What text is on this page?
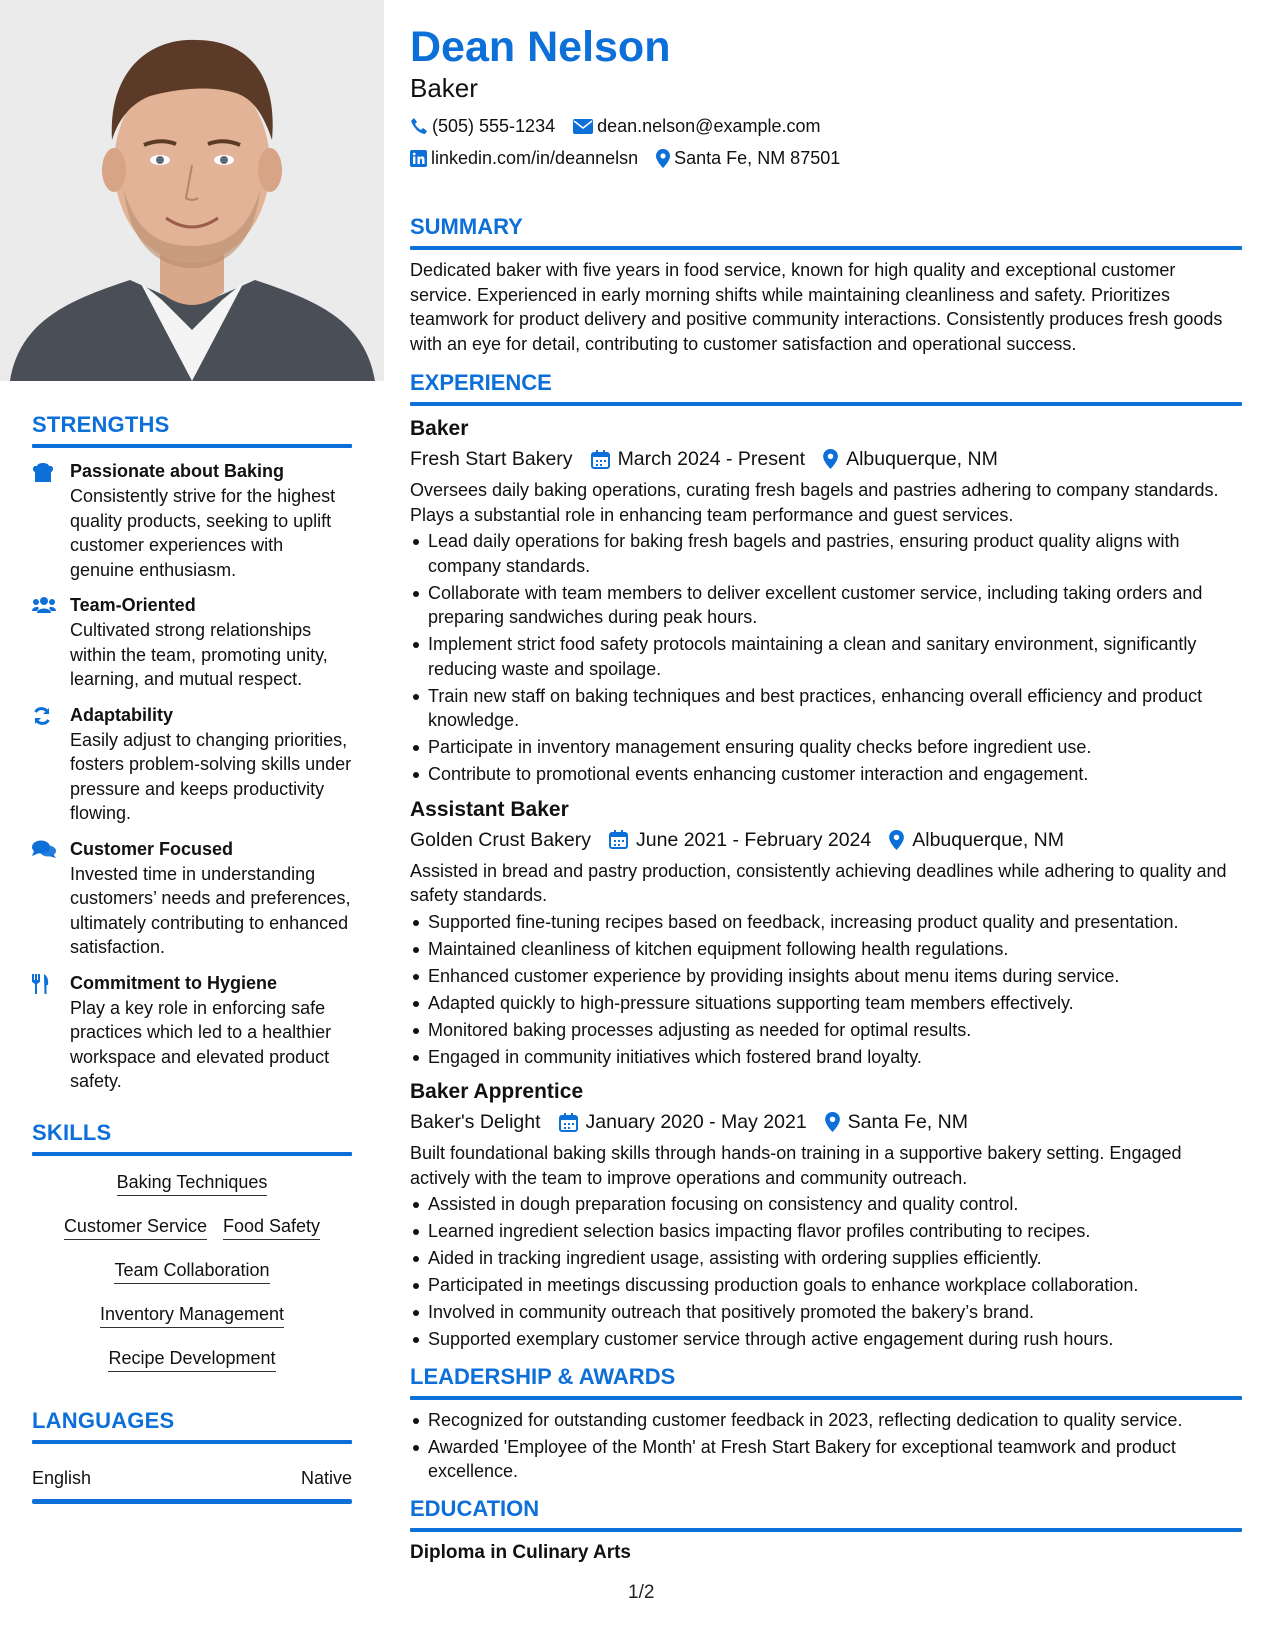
STRENGTHS
Passionate about Baking
Consistently strive for the highest quality products, seeking to uplift customer experiences with genuine enthusiasm.
Team-Oriented
Cultivated strong relationships within the team, promoting unity, learning, and mutual respect.
Adaptability
Easily adjust to changing priorities, fosters problem-solving skills under pressure and keeps productivity flowing.
Customer Focused
Invested time in understanding customers’ needs and preferences, ultimately contributing to enhanced satisfaction.
Commitment to Hygiene
Play a key role in enforcing safe practices which led to a healthier workspace and elevated product safety.
SKILLS
Baking Techniques
Customer Service Food Safety
Team Collaboration
Inventory Management
Recipe Development
LANGUAGES
English	Native
Dean Nelson
Baker
(505) 555-1234 dean.nelson@example.com
linkedin.com/in/deannelsn Santa Fe, NM 87501
SUMMARY
Dedicated baker with five years in food service, known for high quality and exceptional customer service. Experienced in early morning shifts while maintaining cleanliness and safety. Prioritizes teamwork for product delivery and positive community interactions. Consistently produces fresh goods with an eye for detail, contributing to customer satisfaction and operational success.
EXPERIENCE
Baker
Fresh Start Bakery March 2024 - Present Albuquerque, NM
Oversees daily baking operations, curating fresh bagels and pastries adhering to company standards. Plays a substantial role in enhancing team performance and guest services.
Lead daily operations for baking fresh bagels and pastries, ensuring product quality aligns with company standards.
Collaborate with team members to deliver excellent customer service, including taking orders and preparing sandwiches during peak hours.
Implement strict food safety protocols maintaining a clean and sanitary environment, significantly reducing waste and spoilage.
Train new staff on baking techniques and best practices, enhancing overall efficiency and product knowledge.
Participate in inventory management ensuring quality checks before ingredient use.
Contribute to promotional events enhancing customer interaction and engagement.
Assistant Baker
Golden Crust Bakery June 2021 - February 2024 Albuquerque, NM
Assisted in bread and pastry production, consistently achieving deadlines while adhering to quality and safety standards.
Supported fine-tuning recipes based on feedback, increasing product quality and presentation.
Maintained cleanliness of kitchen equipment following health regulations.
Enhanced customer experience by providing insights about menu items during service.
Adapted quickly to high-pressure situations supporting team members effectively.
Monitored baking processes adjusting as needed for optimal results.
Engaged in community initiatives which fostered brand loyalty.
Baker Apprentice
Baker's Delight January 2020 - May 2021 Santa Fe, NM
Built foundational baking skills through hands-on training in a supportive bakery setting. Engaged actively with the team to improve operations and community outreach.
Assisted in dough preparation focusing on consistency and quality control.
Learned ingredient selection basics impacting flavor profiles contributing to recipes.
Aided in tracking ingredient usage, assisting with ordering supplies efficiently.
Participated in meetings discussing production goals to enhance workplace collaboration.
Involved in community outreach that positively promoted the bakery’s brand.
Supported exemplary customer service through active engagement during rush hours.
LEADERSHIP & AWARDS
Recognized for outstanding customer feedback in 2023, reflecting dedication to quality service.
Awarded 'Employee of the Month' at Fresh Start Bakery for exceptional teamwork and product excellence.
EDUCATION
Diploma in Culinary Arts
1/2
